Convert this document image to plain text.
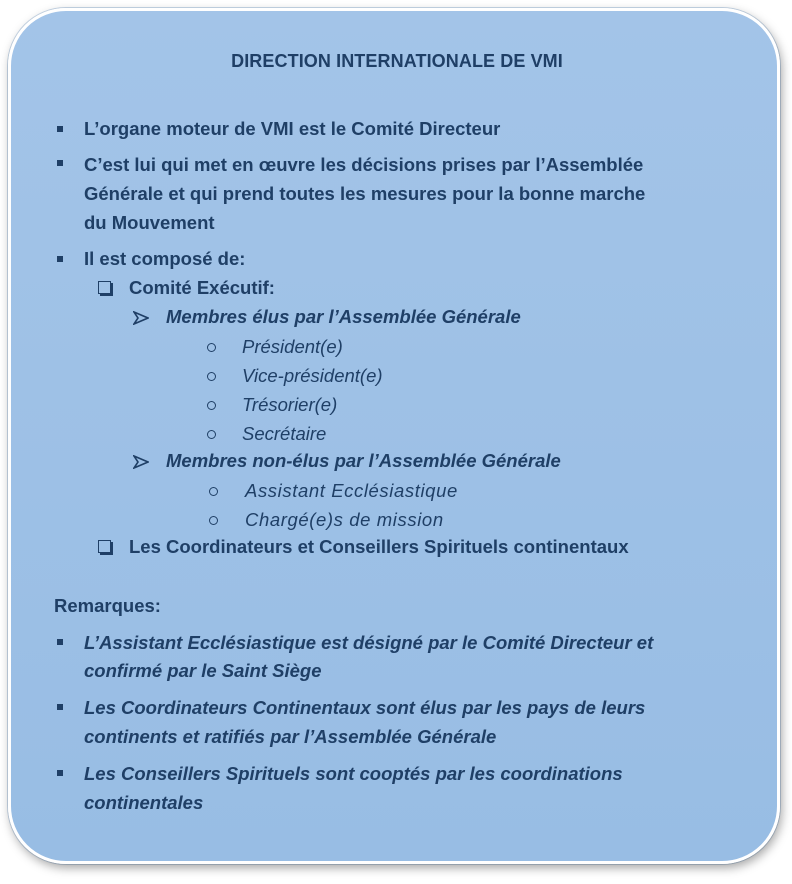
DIRECTION INTERNATIONALE DE VMI
L’organe moteur de VMI est le Comité Directeur
C’est lui qui met en œuvre les décisions prises par l’Assemblée
Générale et qui prend toutes les mesures pour la bonne marche
du Mouvement
Il est composé de:
Comité Exécutif:
Membres élus par l’Assemblée Générale
Président(e)
Vice-président(e)
Trésorier(e)
Secrétaire
Membres non-élus par l’Assemblée Générale
Assistant Ecclésiastique
Chargé(e)s de mission
Les Coordinateurs et Conseillers Spirituels continentaux
Remarques:
L’Assistant Ecclésiastique est désigné par le Comité Directeur et
confirmé par le Saint Siège
Les Coordinateurs Continentaux sont élus par les pays de leurs
continents et ratifiés par l’Assemblée Générale
Les Conseillers Spirituels sont cooptés par les coordinations
continentales
